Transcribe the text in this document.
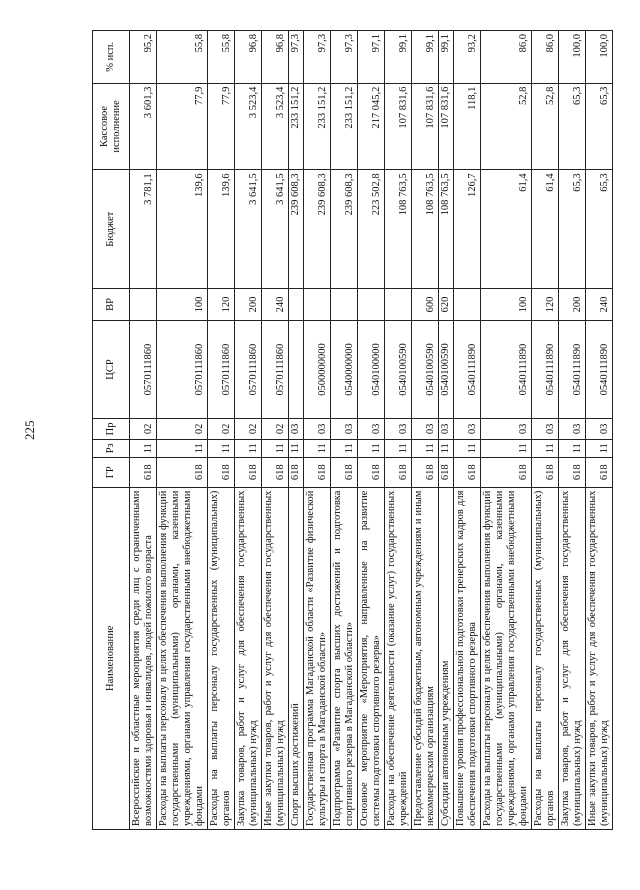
225
Наименование	ГР	Рз	Пр	ЦСР	ВР	Бюджет	Кассовое исполнение	% исп.
Всероссийские и областные мероприятия среди лиц с ограниченными возможностями здоровья и инвалидов, людей пожилого возраста	618	11	02	0570111860		3 781,1	3 601,3	95,2
Расходы на выплаты персоналу в целях обеспечения выполнения функций государственными (муниципальными) органами, казенными учреждениями, органами управления государственными внебюджетными фондами	618	11	02	0570111860	100	139,6	77,9	55,8
Расходы на выплаты персоналу государственных (муниципальных) органов	618	11	02	0570111860	120	139,6	77,9	55,8
Закупка товаров, работ и услуг для обеспечения государственных (муниципальных) нужд	618	11	02	0570111860	200	3 641,5	3 523,4	96,8
Иные закупки товаров, работ и услуг для обеспечения государственных (муниципальных) нужд	618	11	02	0570111860	240	3 641,5	3 523,4	96,8
Спорт высших достижений	618	11	03			239 608,3	233 151,2	97,3
Государственная программа Магаданской области «Развитие физической культуры и спорта в Магаданской области»	618	11	03	0500000000		239 608,3	233 151,2	97,3
Подпрограмма «Развитие спорта высших достижений и подготовка спортивного резерва в Магаданской области»	618	11	03	0540000000		239 608,3	233 151,2	97,3
Основное мероприятие «Мероприятия, направленные на развитие системы подготовки спортивного резерва»	618	11	03	0540100000		223 502,8	217 045,2	97,1
Расходы на обеспечение деятельности (оказание услуг) государственных учреждений	618	11	03	0540100590		108 763,5	107 831,6	99,1
Предоставление субсидий бюджетным, автономным учреждениям и иным некоммерческим организациям	618	11	03	0540100590	600	108 763,5	107 831,6	99,1
Субсидии автономным учреждениям	618	11	03	0540100590	620	108 763,5	107 831,6	99,1
Повышение уровня профессиональной подготовки тренерских кадров для обеспечения подготовки спортивного резерва	618	11	03	0540111890		126,7	118,1	93,2
Расходы на выплаты персоналу в целях обеспечения выполнения функций государственными (муниципальными) органами, казенными учреждениями, органами управления государственными внебюджетными фондами	618	11	03	0540111890	100	61,4	52,8	86,0
Расходы на выплаты персоналу государственных (муниципальных) органов	618	11	03	0540111890	120	61,4	52,8	86,0
Закупка товаров, работ и услуг для обеспечения государственных (муниципальных) нужд	618	11	03	0540111890	200	65,3	65,3	100,0
Иные закупки товаров, работ и услуг для обеспечения государственных (муниципальных) нужд	618	11	03	0540111890	240	65,3	65,3	100,0
